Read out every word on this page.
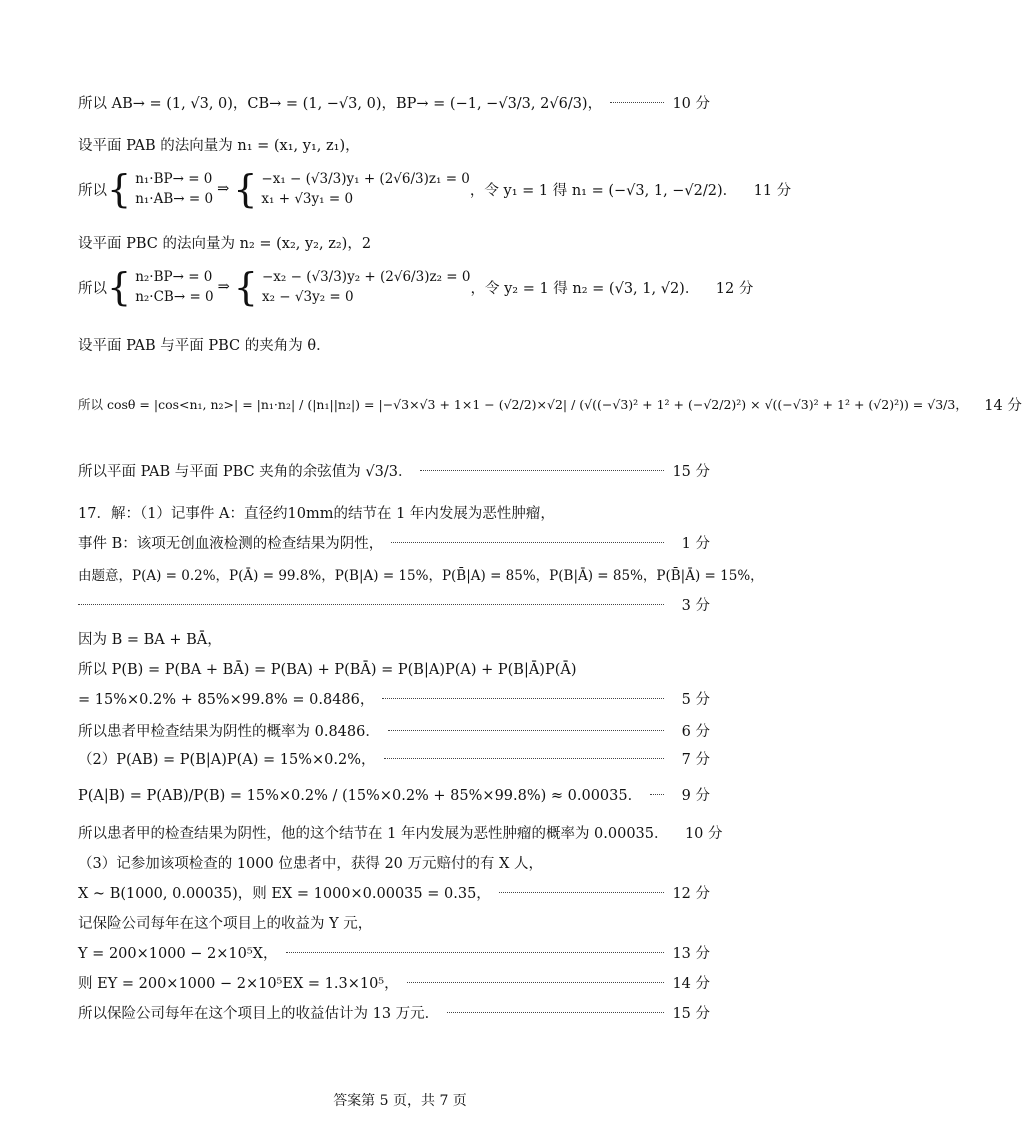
所以 AB→ = (1, √3, 0)，CB→ = (1, −√3, 0)，BP→ = (−1, −√3/3, 2√6/3)，	10 分
设平面 PAB 的法向量为 n₁ = (x₁, y₁, z₁)，
所以 { n₁·BP→ = 0
n₁·AB→ = 0
⇒ { −x₁ − (√3/3)y₁ + (2√6/3)z₁ = 0
x₁ + √3y₁ = 0
，令 y₁ = 1 得 n₁ = (−√3, 1, −√2/2)． 11 分
设平面 PBC 的法向量为 n₂ = (x₂, y₂, z₂)，2
所以 { n₂·BP→ = 0
n₂·CB→ = 0
⇒ { −x₂ − (√3/3)y₂ + (2√6/3)z₂ = 0
x₂ − √3y₂ = 0
，令 y₂ = 1 得 n₂ = (√3, 1, √2)． 12 分
设平面 PAB 与平面 PBC 的夹角为 θ．
所以 cosθ = |cos<n₁, n₂>| = |n₁·n₂| / (|n₁||n₂|) = |−√3×√3 + 1×1 − (√2/2)×√2| / (√((−√3)² + 1² + (−√2/2)²) × √((−√3)² + 1² + (√2)²)) = √3/3， 14 分
所以平面 PAB 与平面 PBC 夹角的余弦值为 √3/3．	15 分
17．解：（1）记事件 A：直径约10mm的结节在 1 年内发展为恶性肿瘤，
事件 B：该项无创血液检测的检查结果为阴性，	1 分
由题意，P(A) = 0.2%，P(Ā) = 99.8%，P(B|A) = 15%，P(B̄|A) = 85%，P(B|Ā) = 85%，P(B̄|Ā) = 15%，
3 分
因为 B = BA + BĀ，
所以 P(B) = P(BA + BĀ) = P(BA) + P(BĀ) = P(B|A)P(A) + P(B|Ā)P(Ā)
= 15%×0.2% + 85%×99.8% = 0.8486，	5 分
所以患者甲检查结果为阴性的概率为 0.8486．	6 分
（2）P(AB) = P(B|A)P(A) = 15%×0.2%，	7 分
P(A|B) = P(AB)/P(B) = 15%×0.2% / (15%×0.2% + 85%×99.8%) ≈ 0.00035．	9 分
所以患者甲的检查结果为阴性，他的这个结节在 1 年内发展为恶性肿瘤的概率为 0.00035． 10 分
（3）记参加该项检查的 1000 位患者中，获得 20 万元赔付的有 X 人，
X ~ B(1000, 0.00035)，则 EX = 1000×0.00035 = 0.35，	12 分
记保险公司每年在这个项目上的收益为 Y 元，
Y = 200×1000 − 2×10⁵X，	13 分
则 EY = 200×1000 − 2×10⁵EX = 1.3×10⁵，	14 分
所以保险公司每年在这个项目上的收益估计为 13 万元．	15 分
答案第 5 页，共 7 页
